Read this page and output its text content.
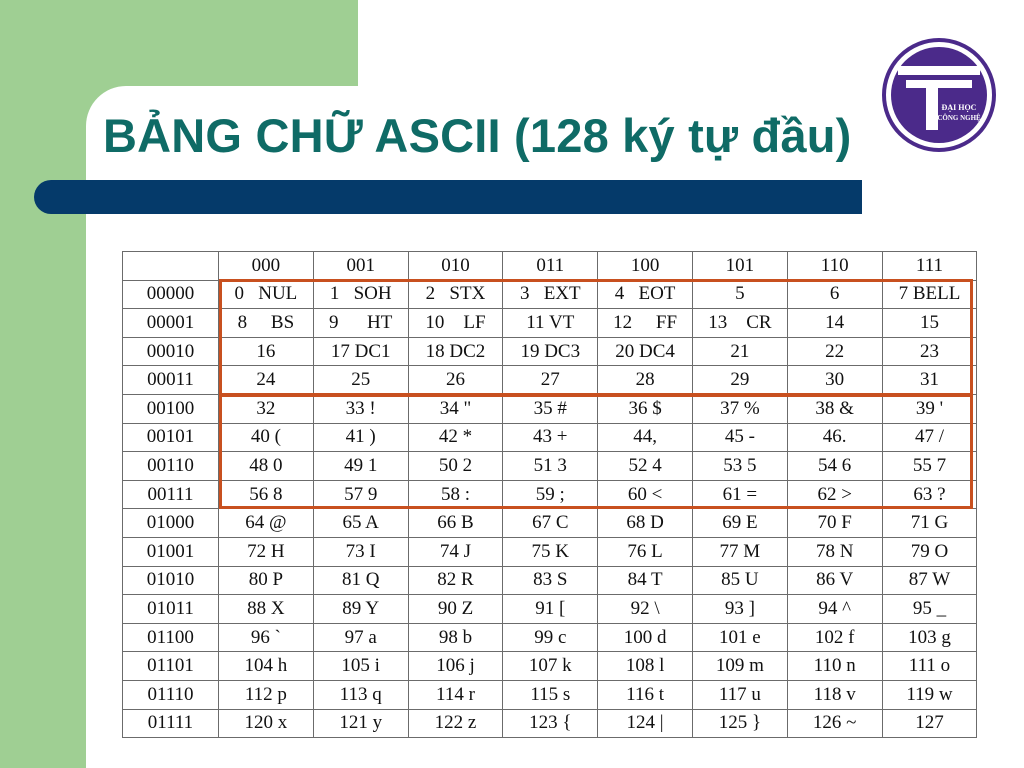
ĐẠI HỌC
CÔNG NGHỆ
BẢNG CHỮ ASCII (128 ký tự đầu)
	000	001	010	011	100	101	110	111
00000	0   NUL	1   SOH	2   STX	3   EXT	4   EOT	5	6	7 BELL
00001	8     BS	9      HT	10    LF	11 VT	12     FF	13    CR	14	15
00010	16	17 DC1	18 DC2	19 DC3	20 DC4	21	22	23
00011	24	25	26	27	28	29	30	31
00100	32	33 !	34 "	35 #	36 $	37 %	38 &	39 '
00101	40 (	41 )	42 *	43 +	44,	45 -	46.	47 /
00110	48 0	49 1	50 2	51 3	52 4	53 5	54 6	55 7
00111	56 8	57 9	58 :	59 ;	60 <	61 =	62 >	63 ?
01000	64 @	65 A	66 B	67 C	68 D	69 E	70 F	71 G
01001	72 H	73 I	74 J	75 K	76 L	77 M	78 N	79 O
01010	80 P	81 Q	82 R	83 S	84 T	85 U	86 V	87 W
01011	88 X	89 Y	90 Z	91 [	92 \	93 ]	94 ^	95 _
01100	96 `	97 a	98 b	99 c	100 d	101 e	102 f	103 g
01101	104 h	105 i	106 j	107 k	108 l	109 m	110 n	111 o
01110	112 p	113 q	114 r	115 s	116 t	117 u	118 v	119 w
01111	120 x	121 y	122 z	123 {	124 |	125 }	126 ~	127
